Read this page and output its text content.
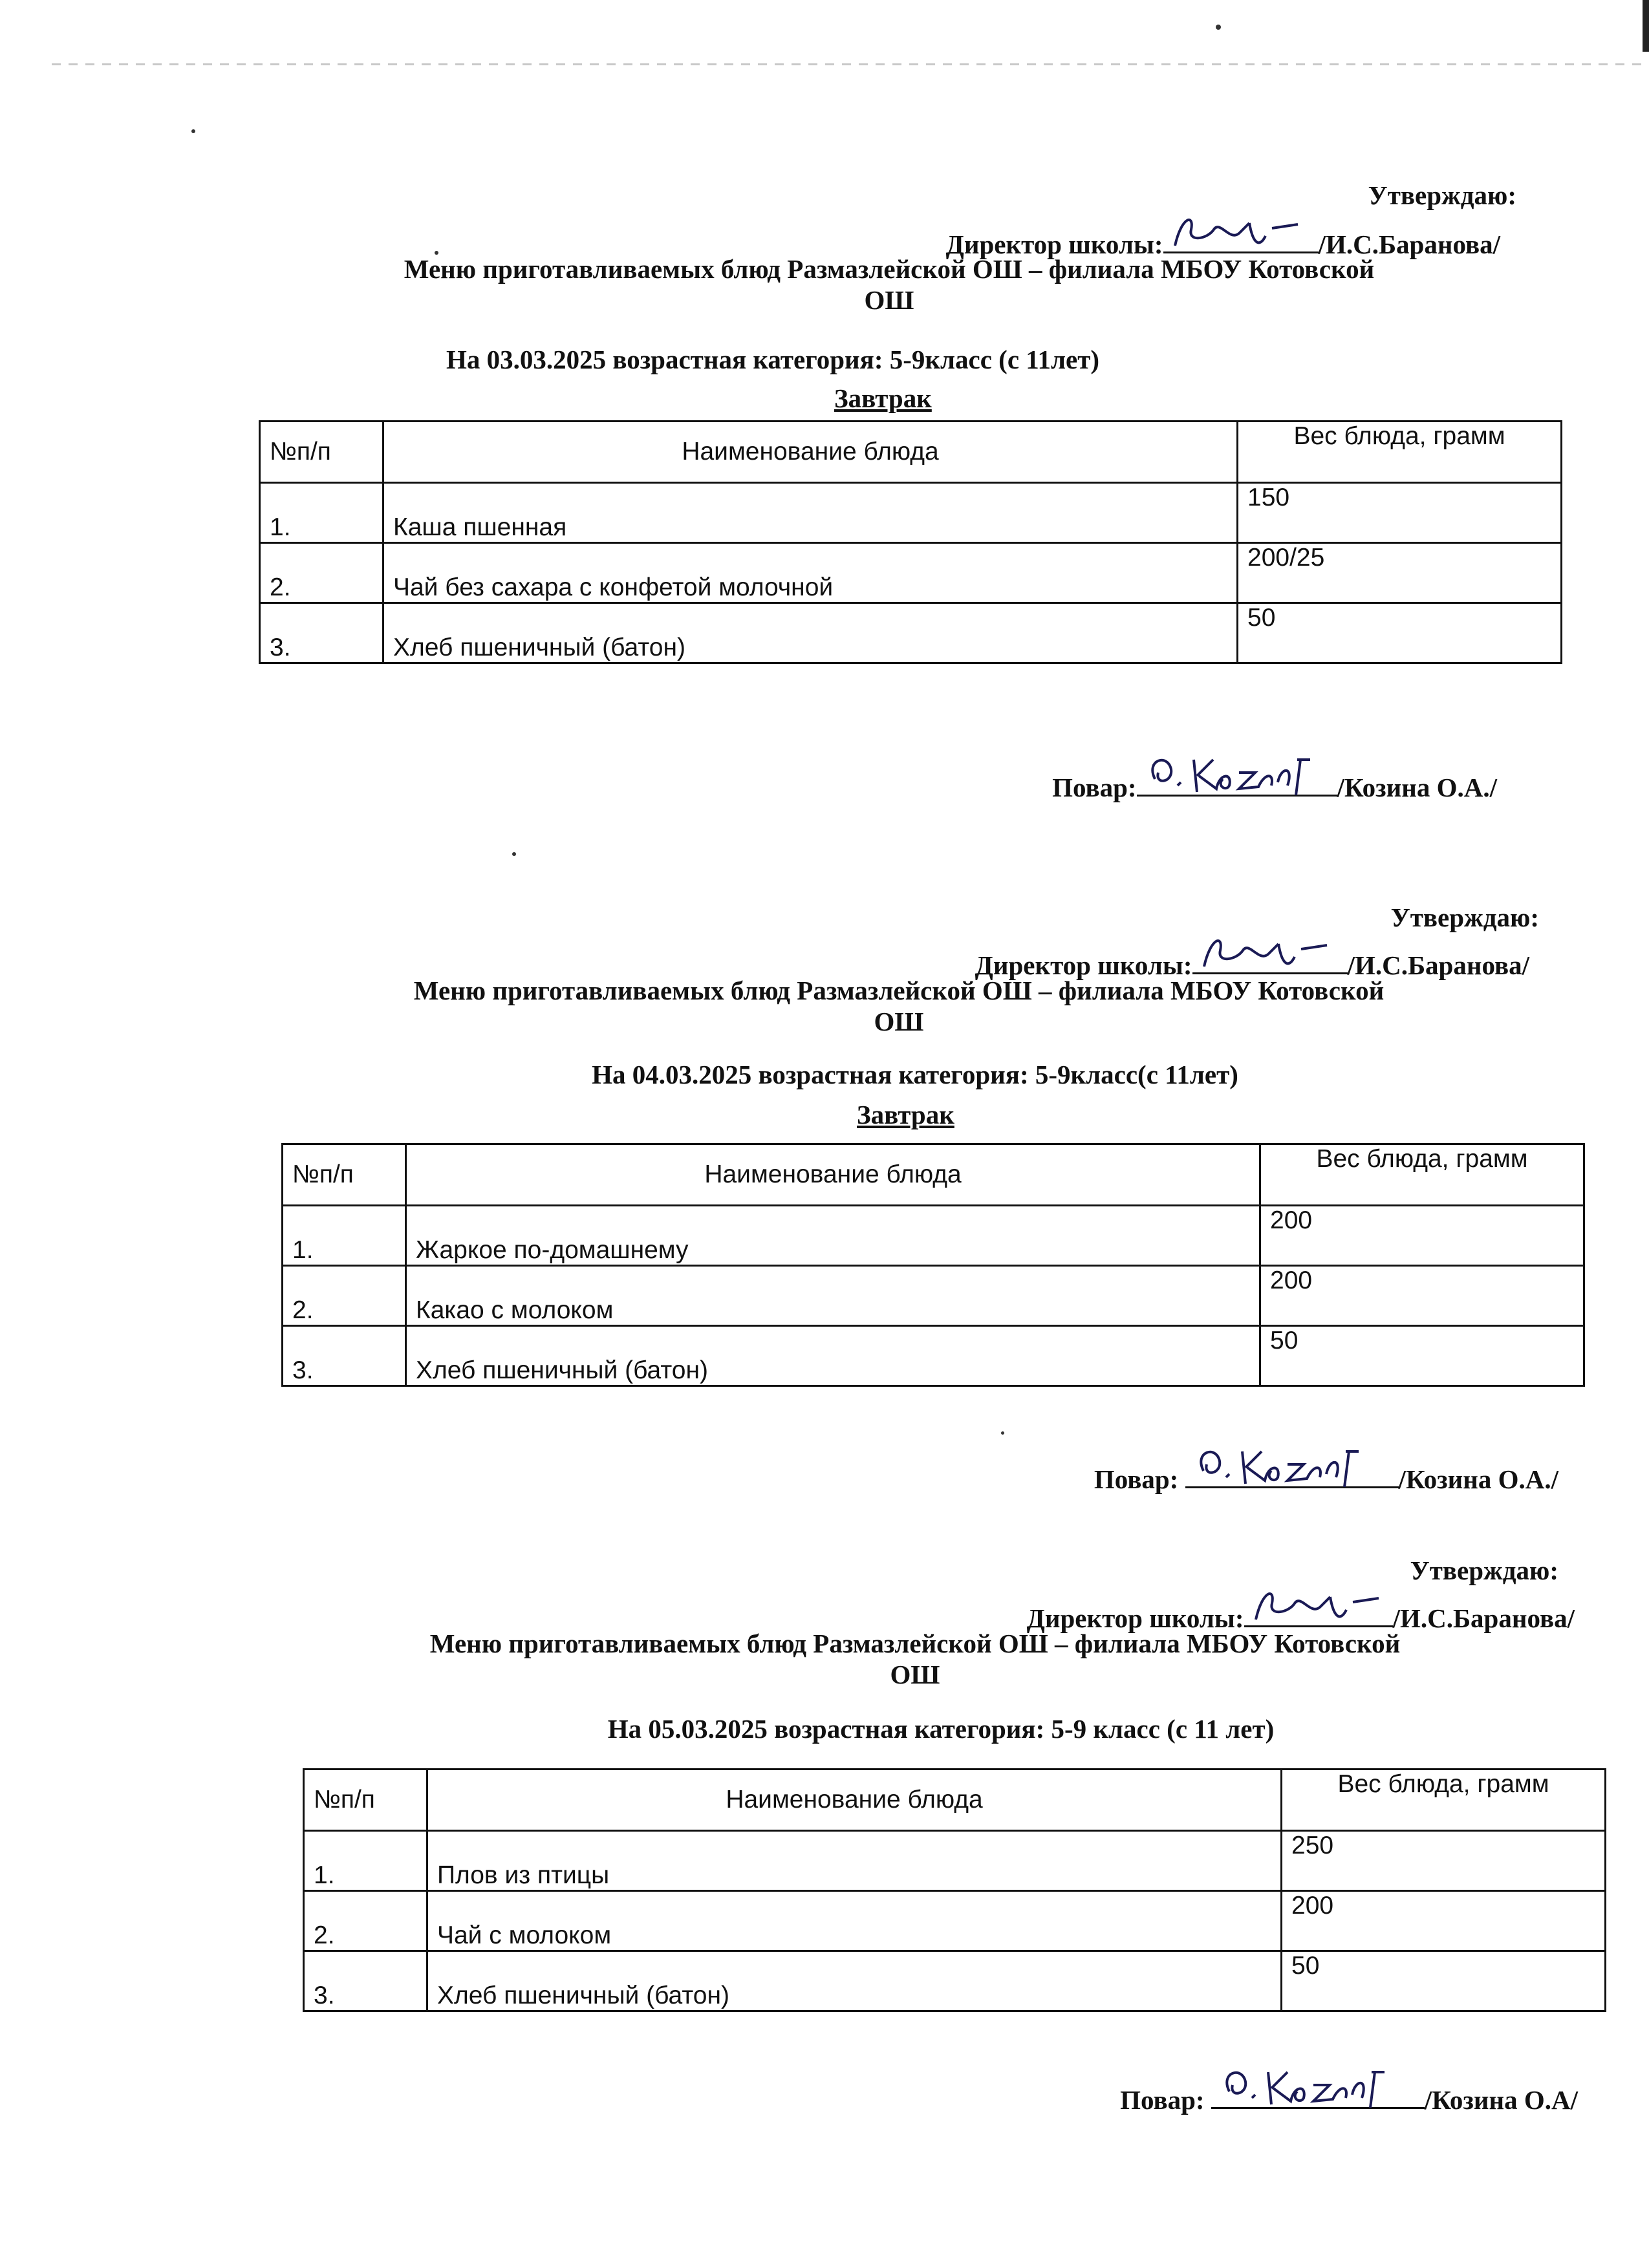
Утверждаю:
Директор школы:	/И.С.Баранова/
Меню приготавливаемых блюд Размазлейской ОШ – филиала МБОУ Котовской
ОШ
На 03.03.2025 возрастная категория: 5-9класс (с 11лет)
Завтрак
№п/п	Наименование блюда	Вес блюда, грамм
1.	Каша пшенная	150
2.	Чай без сахара с конфетой молочной	200/25
3.	Хлеб пшеничный (батон)	50
Повар:	/Козина О.А./
Утверждаю:
Директор школы:	/И.С.Баранова/
Меню приготавливаемых блюд Размазлейской ОШ – филиала МБОУ Котовской
ОШ
На 04.03.2025 возрастная категория: 5-9класс(с 11лет)
Завтрак
№п/п	Наименование блюда	Вес блюда, грамм
1.	Жаркое по-домашнему	200
2.	Какао с молоком	200
3.	Хлеб пшеничный (батон)	50
Повар:	/Козина О.А./
Утверждаю:
Директор школы:	/И.С.Баранова/
Меню приготавливаемых блюд Размазлейской ОШ – филиала МБОУ Котовской
ОШ
На 05.03.2025 возрастная категория: 5-9 класс (с 11 лет)
№п/п	Наименование блюда	Вес блюда, грамм
1.	Плов из птицы	250
2.	Чай с молоком	200
3.	Хлеб пшеничный (батон)	50
Повар:	/Козина О.А/
